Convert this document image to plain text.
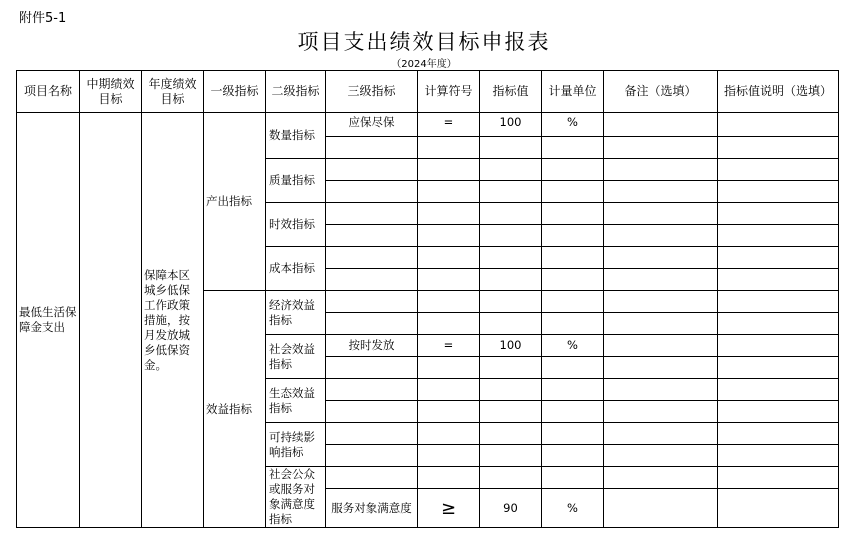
附件5-1
项目支出绩效目标申报表
（2024年度）
项目名称	中期绩效目标	年度绩效目标	一级指标	二级指标	三级指标	计算符号	指标值	计量单位	备注（选填）	指标值说明（选填）
最低生活保障金支出		保障本区城乡低保工作政策措施，按月发放城乡低保资金。	产出指标	数量指标	应保尽保	=	100	%		

				质量指标						

				时效指标						

				成本指标						

			效益指标	经济效益指标						

				社会效益指标	按时发放	=	100	%		

				生态效益指标						

				可持续影响指标						

				社会公众或服务对象满意度指标						
					服务对象满意度	≥	90	%		
